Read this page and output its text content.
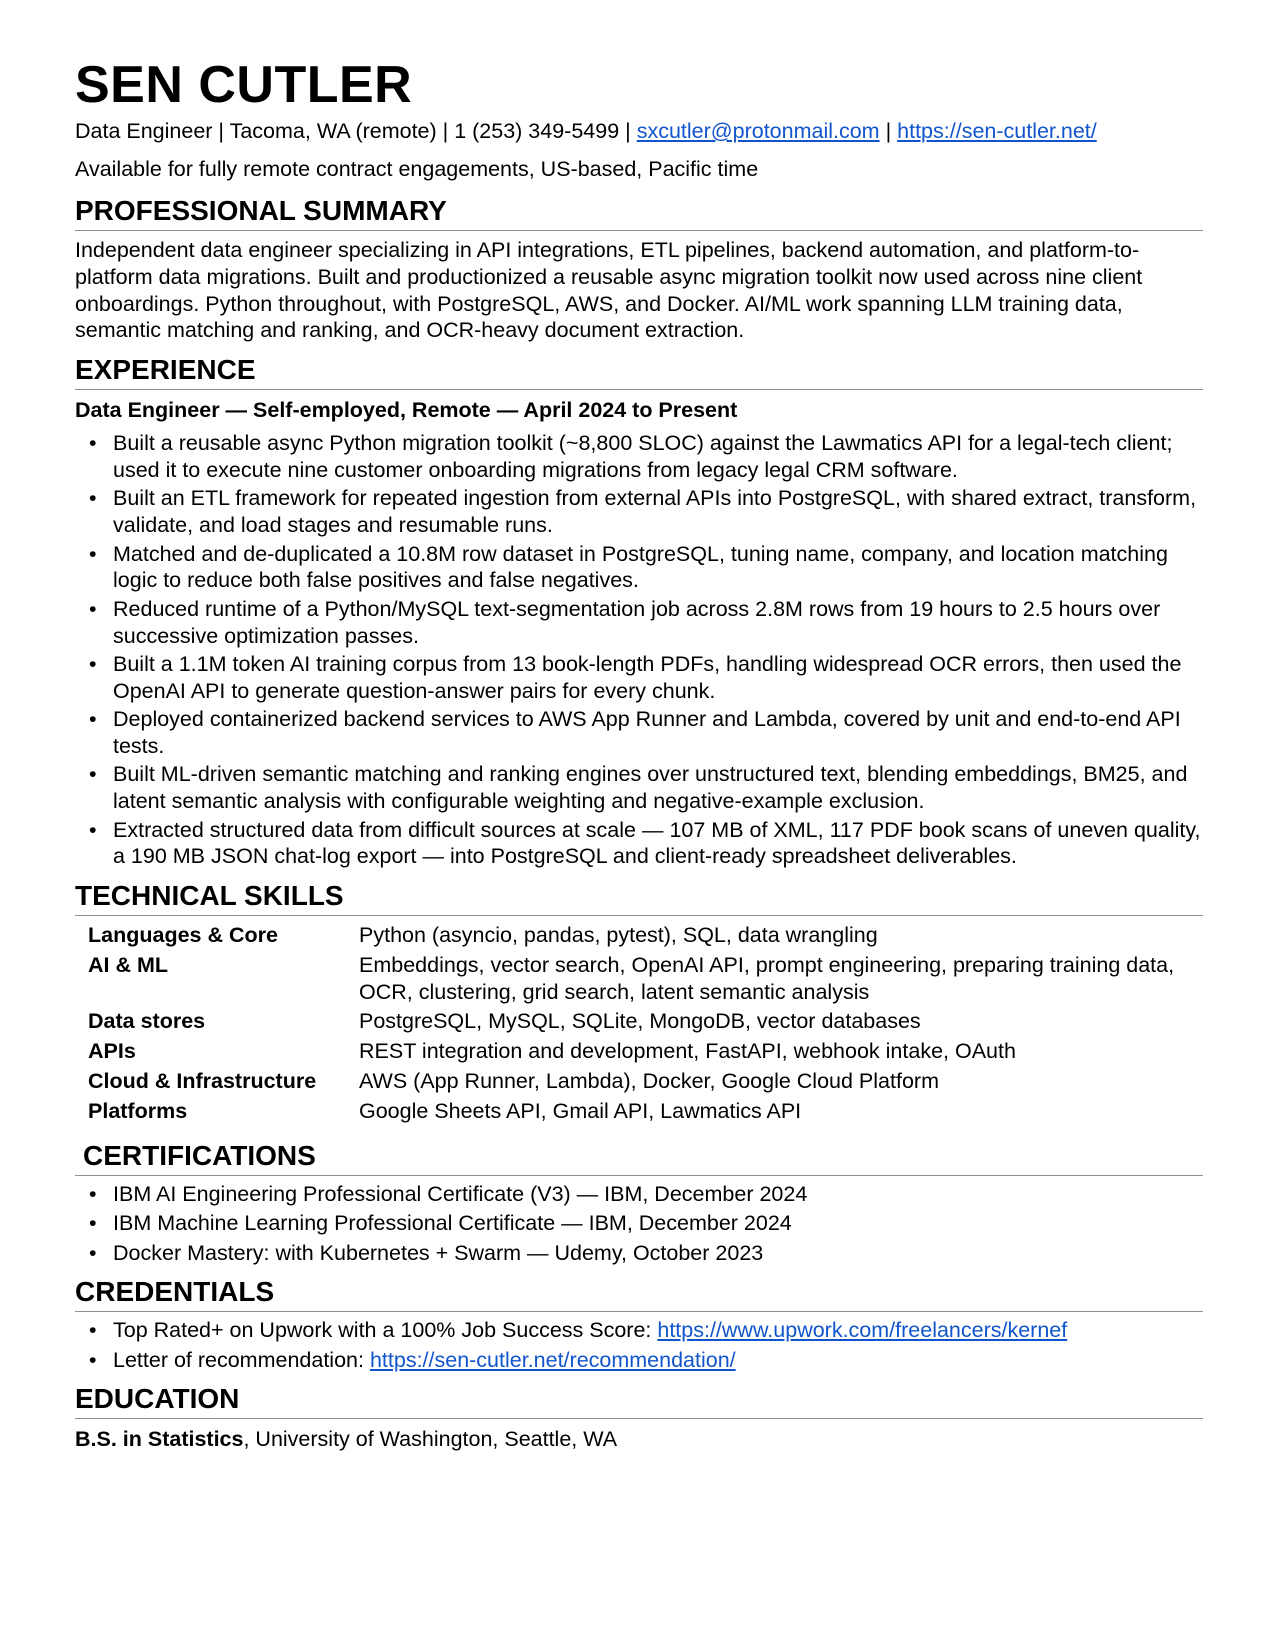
SEN CUTLER
Data Engineer | Tacoma, WA (remote) | 1 (253) 349-5499 | sxcutler@protonmail.com | https://sen-cutler.net/
Available for fully remote contract engagements, US-based, Pacific time
PROFESSIONAL SUMMARY
Independent data engineer specializing in API integrations, ETL pipelines, backend automation, and platform-to-platform data migrations. Built and productionized a reusable async migration toolkit now used across nine client onboardings. Python throughout, with PostgreSQL, AWS, and Docker. AI/ML work spanning LLM training data, semantic matching and ranking, and OCR-heavy document extraction.
EXPERIENCE
Data Engineer — Self-employed, Remote — April 2024 to Present
• Built a reusable async Python migration toolkit (~8,800 SLOC) against the Lawmatics API for a legal-tech client; used it to execute nine customer onboarding migrations from legacy legal CRM software.
• Built an ETL framework for repeated ingestion from external APIs into PostgreSQL, with shared extract, transform, validate, and load stages and resumable runs.
• Matched and de-duplicated a 10.8M row dataset in PostgreSQL, tuning name, company, and location matching logic to reduce both false positives and false negatives.
• Reduced runtime of a Python/MySQL text-segmentation job across 2.8M rows from 19 hours to 2.5 hours over successive optimization passes.
• Built a 1.1M token AI training corpus from 13 book-length PDFs, handling widespread OCR errors, then used the OpenAI API to generate question-answer pairs for every chunk.
• Deployed containerized backend services to AWS App Runner and Lambda, covered by unit and end-to-end API tests.
• Built ML-driven semantic matching and ranking engines over unstructured text, blending embeddings, BM25, and latent semantic analysis with configurable weighting and negative-example exclusion.
• Extracted structured data from difficult sources at scale — 107 MB of XML, 117 PDF book scans of uneven quality, a 190 MB JSON chat-log export — into PostgreSQL and client-ready spreadsheet deliverables.
TECHNICAL SKILLS
Languages & Core	Python (asyncio, pandas, pytest), SQL, data wrangling
AI & ML	Embeddings, vector search, OpenAI API, prompt engineering, preparing training data, OCR, clustering, grid search, latent semantic analysis
Data stores	PostgreSQL, MySQL, SQLite, MongoDB, vector databases
APIs	REST integration and development, FastAPI, webhook intake, OAuth
Cloud & Infrastructure	AWS (App Runner, Lambda), Docker, Google Cloud Platform
Platforms	Google Sheets API, Gmail API, Lawmatics API
CERTIFICATIONS
• IBM AI Engineering Professional Certificate (V3) — IBM, December 2024
• IBM Machine Learning Professional Certificate — IBM, December 2024
• Docker Mastery: with Kubernetes + Swarm — Udemy, October 2023
CREDENTIALS
• Top Rated+ on Upwork with a 100% Job Success Score: https://www.upwork.com/freelancers/kernef
• Letter of recommendation: https://sen-cutler.net/recommendation/
EDUCATION
B.S. in Statistics, University of Washington, Seattle, WA
